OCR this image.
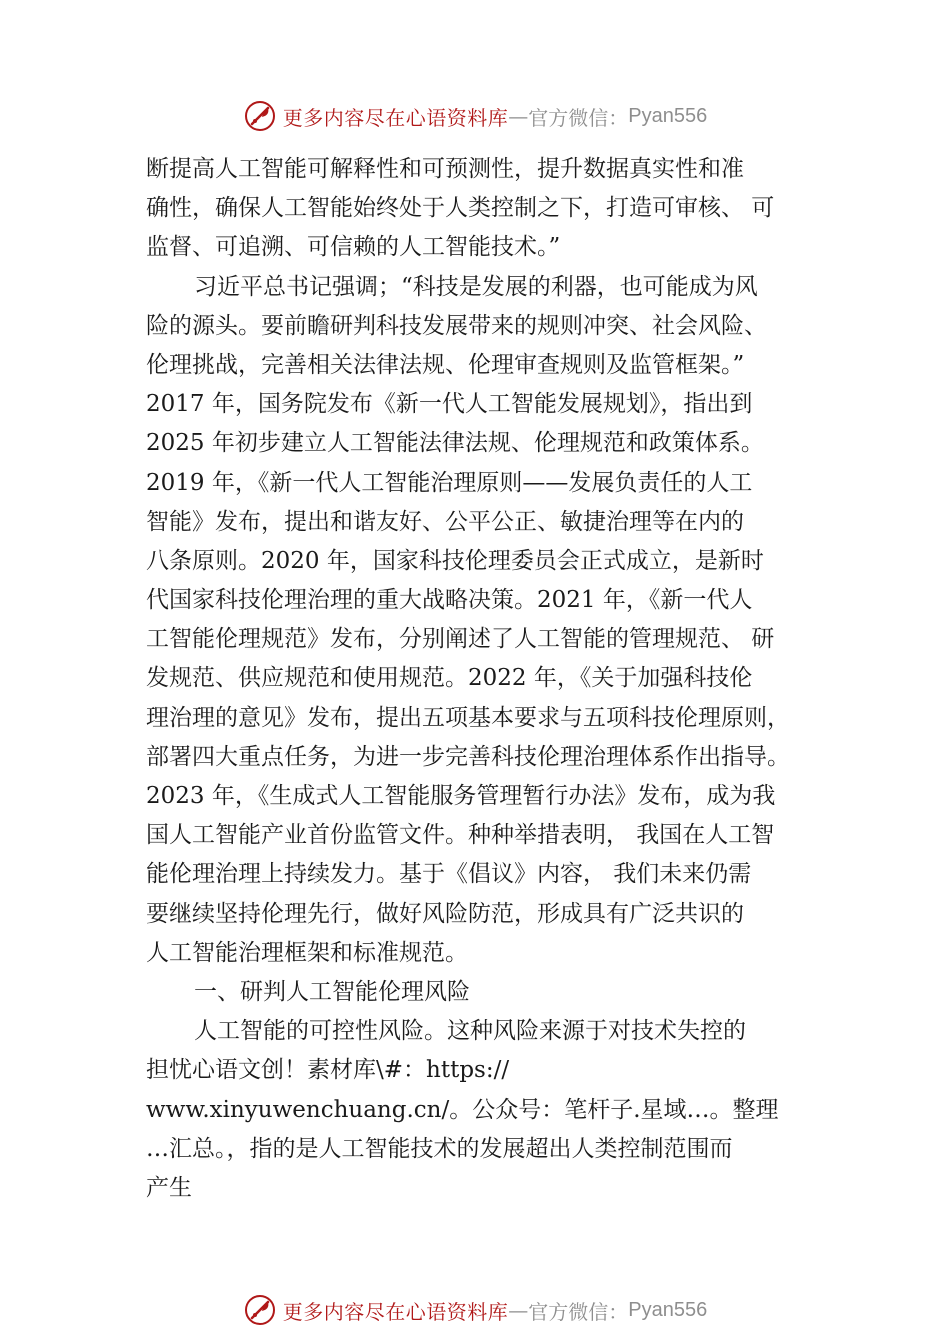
更多内容尽在心语资料库 — 官方微信： Pyan556
断提高人工智能可解释性和可预测性，提升数据真实性和准
确性，确保人工智能始终处于人类控制之下，打造可审核、 可
监督、可追溯、可信赖的人工智能技术。”
习近平总书记强调；“科技是发展的利器，也可能成为风
险的源头。要前瞻研判科技发展带来的规则冲突、社会风险、
伦理挑战，完善相关法律法规、伦理审查规则及监管框架。”
2017 年，国务院发布《新一代人工智能发展规划》，指出到
2025 年初步建立人工智能法律法规、伦理规范和政策体系。
2019 年，《新一代人工智能治理原则——发展负责任的人工
智能》发布，提出和谐友好、公平公正、敏捷治理等在内的
八条原则。2020 年，国家科技伦理委员会正式成立，是新时
代国家科技伦理治理的重大战略决策。2021 年，《新一代人
工智能伦理规范》发布，分别阐述了人工智能的管理规范、 研
发规范、供应规范和使用规范。2022 年，《关于加强科技伦
理治理的意见》发布，提出五项基本要求与五项科技伦理原则，
部署四大重点任务，为进一步完善科技伦理治理体系作出指导。
2023 年，《生成式人工智能服务管理暂行办法》发布，成为我
国人工智能产业首份监管文件。种种举措表明， 我国在人工智
能伦理治理上持续发力。基于《倡议》内容， 我们未来仍需
要继续坚持伦理先行，做好风险防范，形成具有广泛共识的
人工智能治理框架和标准规范。
一、研判人工智能伦理风险
人工智能的可控性风险。这种风险来源于对技术失控的
担忧心语文创！素材库\#：https://
www.xinyuwenchuang.cn/。公众号：笔杆子.星域…。整理
…汇总。，指的是人工智能技术的发展超出人类控制范围而
产生
更多内容尽在心语资料库 — 官方微信： Pyan556
